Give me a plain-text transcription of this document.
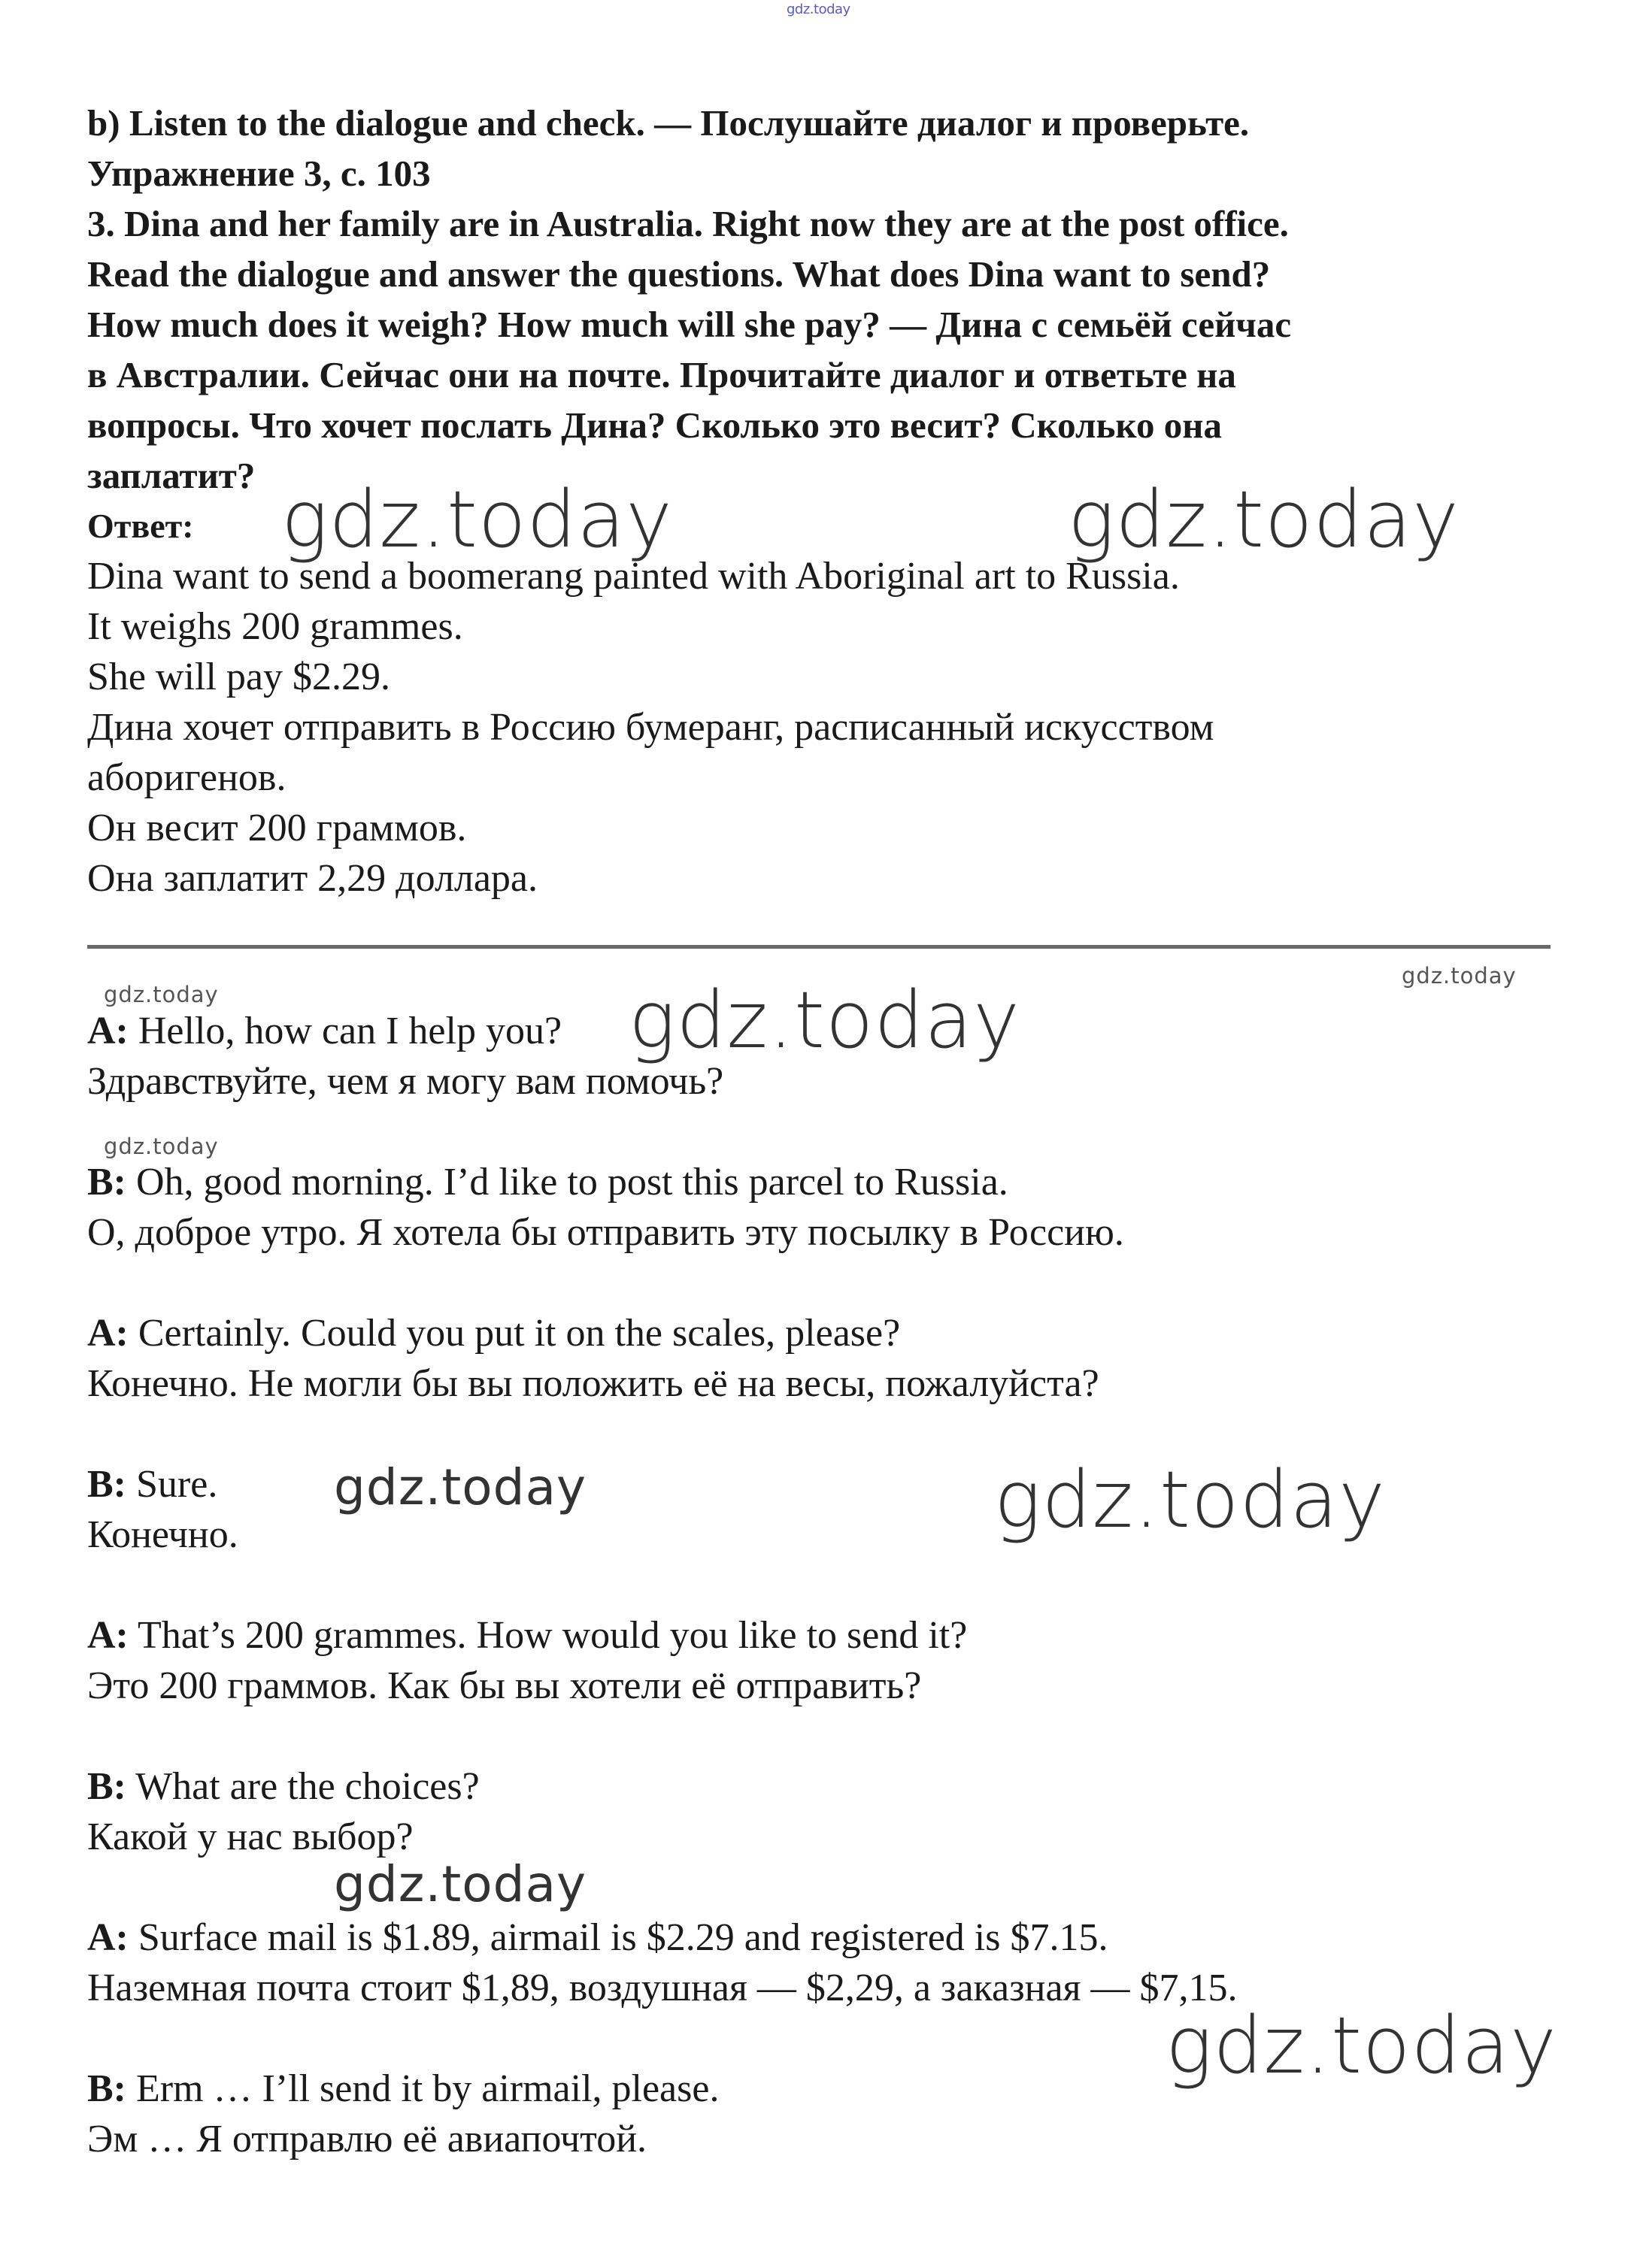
gdz.today
b) Listen to the dialogue and check. — Послушайте диалог и проверьте.
Упражнение 3, с. 103
3. Dina and her family are in Australia. Right now they are at the post office.
Read the dialogue and answer the questions. What does Dina want to send?
How much does it weigh? How much will she pay? — Дина с семьёй сейчас
в Австралии. Сейчас они на почте. Прочитайте диалог и ответьте на
вопросы. Что хочет послать Дина? Сколько это весит? Сколько она
заплатит?
Ответ:
Dina want to send a boomerang painted with Aboriginal art to Russia.
It weighs 200 grammes.
She will pay $2.29.
Дина хочет отправить в Россию бумеранг, расписанный искусством
аборигенов.
Он весит 200 граммов.
Она заплатит 2,29 доллара.
A: Hello, how can I help you?
Здравствуйте, чем я могу вам помочь?
B: Oh, good morning. I’d like to post this parcel to Russia.
О, доброе утро. Я хотела бы отправить эту посылку в Россию.
A: Certainly. Could you put it on the scales, please?
Конечно. Не могли бы вы положить её на весы, пожалуйста?
B: Sure.
Конечно.
A: That’s 200 grammes. How would you like to send it?
Это 200 граммов. Как бы вы хотели её отправить?
B: What are the choices?
Какой у нас выбор?
A: Surface mail is $1.89, airmail is $2.29 and registered is $7.15.
Наземная почта стоит $1,89, воздушная — $2,29, а заказная — $7,15.
B: Erm … I’ll send it by airmail, please.
Эм … Я отправлю её авиапочтой.
gdz.today	gdz.today
gdz.today
gdz.today
gdz.today
gdz.today
gdz.today	gdz.today
gdz.today
gdz.today
